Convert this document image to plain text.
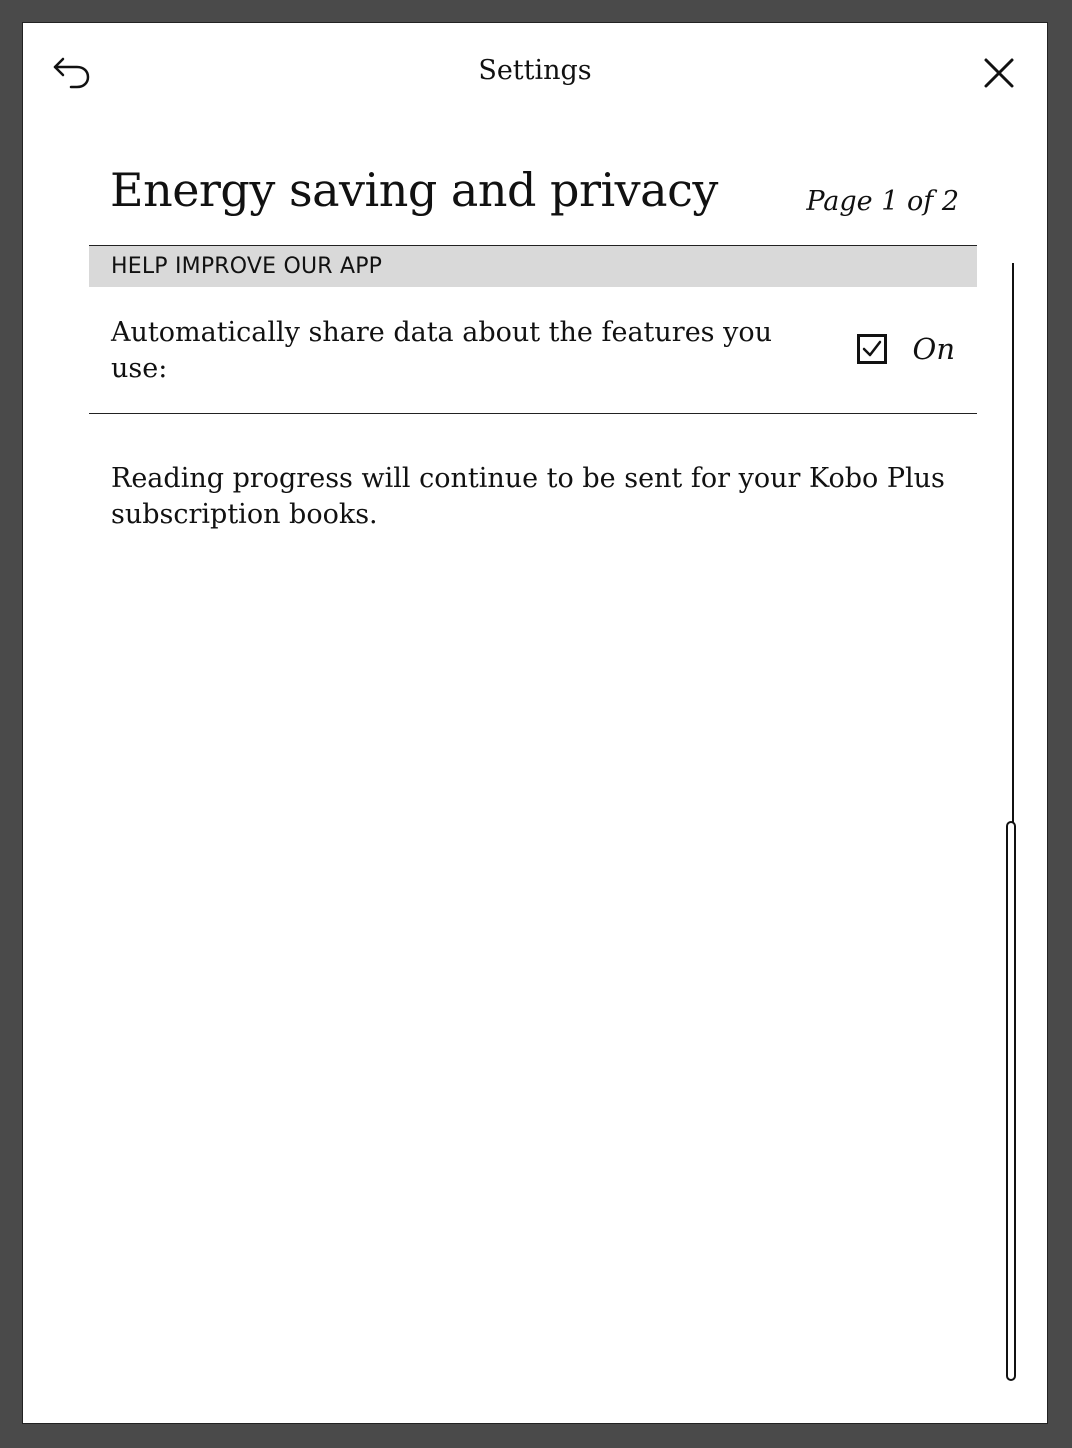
Settings
Energy saving and privacy	Page 1 of 2
HELP IMPROVE OUR APP
Automatically share data about the features you use:
On
Reading progress will continue to be sent for your Kobo Plus subscription books.
